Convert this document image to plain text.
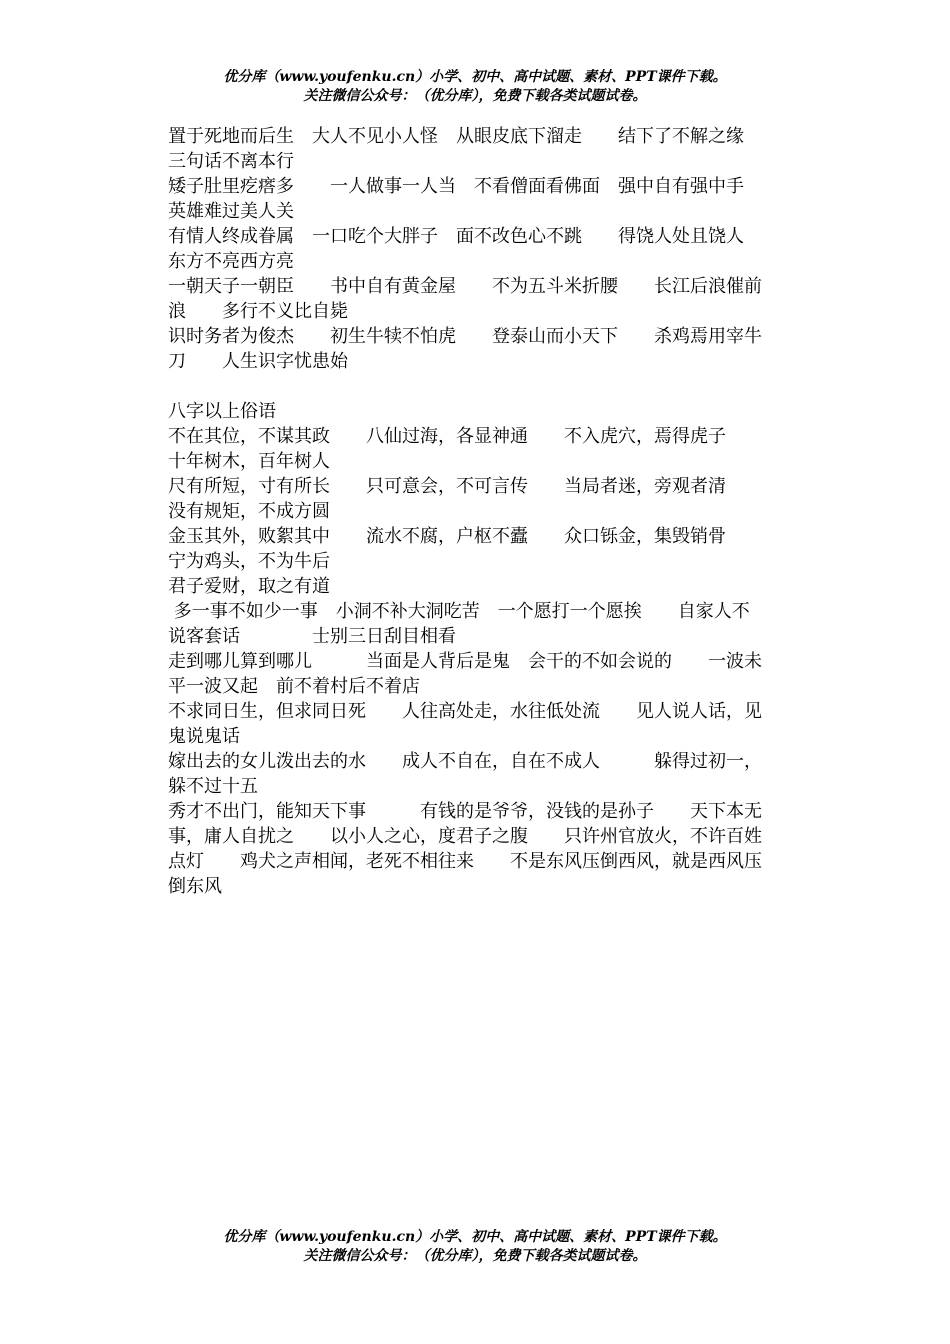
优分库（www.youfenku.cn）小学、初中、高中试题、素材、PPT课件下载。
关注微信公众号：（优分库），免费下载各类试题试卷。
置于死地而后生　大人不见小人怪　从眼皮底下溜走　　结下了不解之缘
三句话不离本行
矮子肚里疙瘩多　　一人做事一人当　不看僧面看佛面　强中自有强中手
英雄难过美人关
有情人终成眷属　一口吃个大胖子　面不改色心不跳　　得饶人处且饶人
东方不亮西方亮
一朝天子一朝臣　　书中自有黄金屋　　不为五斗米折腰　　长江后浪催前
浪　　多行不义比自毙
识时务者为俊杰　　初生牛犊不怕虎　　登泰山而小天下　　杀鸡焉用宰牛
刀　　人生识字忧患始
八字以上俗语
不在其位，不谋其政　　八仙过海，各显神通　　不入虎穴，焉得虎子
十年树木，百年树人
尺有所短，寸有所长　　只可意会，不可言传　　当局者迷，旁观者清
没有规矩，不成方圆
金玉其外，败絮其中　　流水不腐，户枢不蠹　　众口铄金，集毁销骨
宁为鸡头，不为牛后
君子爱财，取之有道
多一事不如少一事　小洞不补大洞吃苦　一个愿打一个愿挨　　自家人不
说客套话　　　　士别三日刮目相看
走到哪儿算到哪儿　　　当面是人背后是鬼　会干的不如会说的　　一波未
平一波又起　前不着村后不着店
不求同日生，但求同日死　　人往高处走，水往低处流　　见人说人话，见
鬼说鬼话
嫁出去的女儿泼出去的水　　成人不自在，自在不成人　　　躲得过初一，
躲不过十五
秀才不出门，能知天下事　　　有钱的是爷爷，没钱的是孙子　　天下本无
事，庸人自扰之　　以小人之心，度君子之腹　　只许州官放火，不许百姓
点灯　　鸡犬之声相闻，老死不相往来　　不是东风压倒西风，就是西风压
倒东风
优分库（www.youfenku.cn）小学、初中、高中试题、素材、PPT课件下载。
关注微信公众号：（优分库），免费下载各类试题试卷。
